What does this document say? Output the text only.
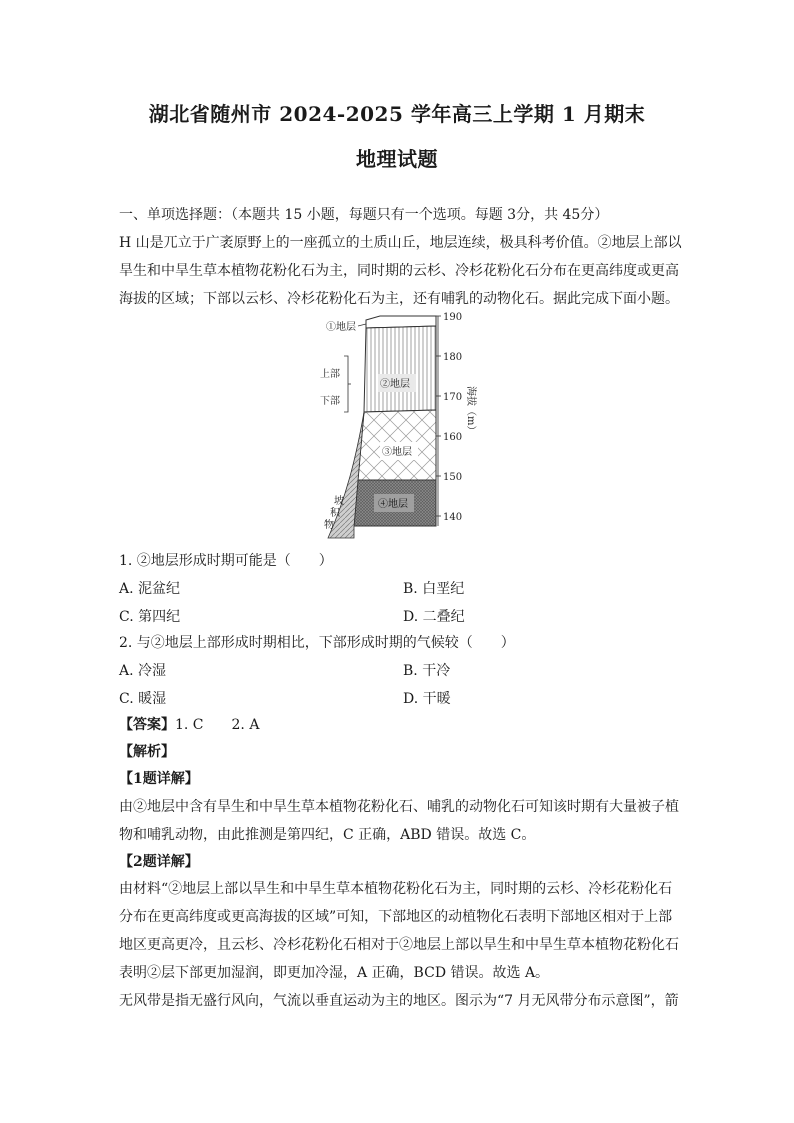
湖北省随州市 2024-2025 学年高三上学期 1 月期末
地理试题
一、单项选择题：（本题共 15 小题，每题只有一个选项。每题 3分，共 45分）
H 山是兀立于广袤原野上的一座孤立的土质山丘，地层连续，极具科考价值。②地层上部以
旱生和中旱生草本植物花粉化石为主，同时期的云杉、冷杉花粉化石分布在更高纬度或更高
海拔的区域；下部以云杉、冷杉花粉化石为主，还有哺乳的动物化石。据此完成下面小题。
①地层
②地层
③地层
④地层
上部
下部
坡
积
物
190
180
170
160
150
140
海拔（m）
1. ②地层形成时期可能是（　　）
A. 泥盆纪	B. 白垩纪
C. 第四纪	D. 二叠纪
2. 与②地层上部形成时期相比，下部形成时期的气候较（　　）
A. 冷湿	B. 干冷
C. 暖湿	D. 干暖
【答案】1. C　　2. A
【解析】
【1题详解】
由②地层中含有旱生和中旱生草本植物花粉化石、哺乳的动物化石可知该时期有大量被子植
物和哺乳动物，由此推测是第四纪，C 正确，ABD 错误。故选 C。
【2题详解】
由材料“②地层上部以旱生和中旱生草本植物花粉化石为主，同时期的云杉、冷杉花粉化石
分布在更高纬度或更高海拔的区域”可知，下部地区的动植物化石表明下部地区相对于上部
地区更高更冷，且云杉、冷杉花粉化石相对于②地层上部以旱生和中旱生草本植物花粉化石
表明②层下部更加湿润，即更加冷湿，A 正确，BCD 错误。故选 A。
无风带是指无盛行风向，气流以垂直运动为主的地区。图示为“7 月无风带分布示意图”，箭
